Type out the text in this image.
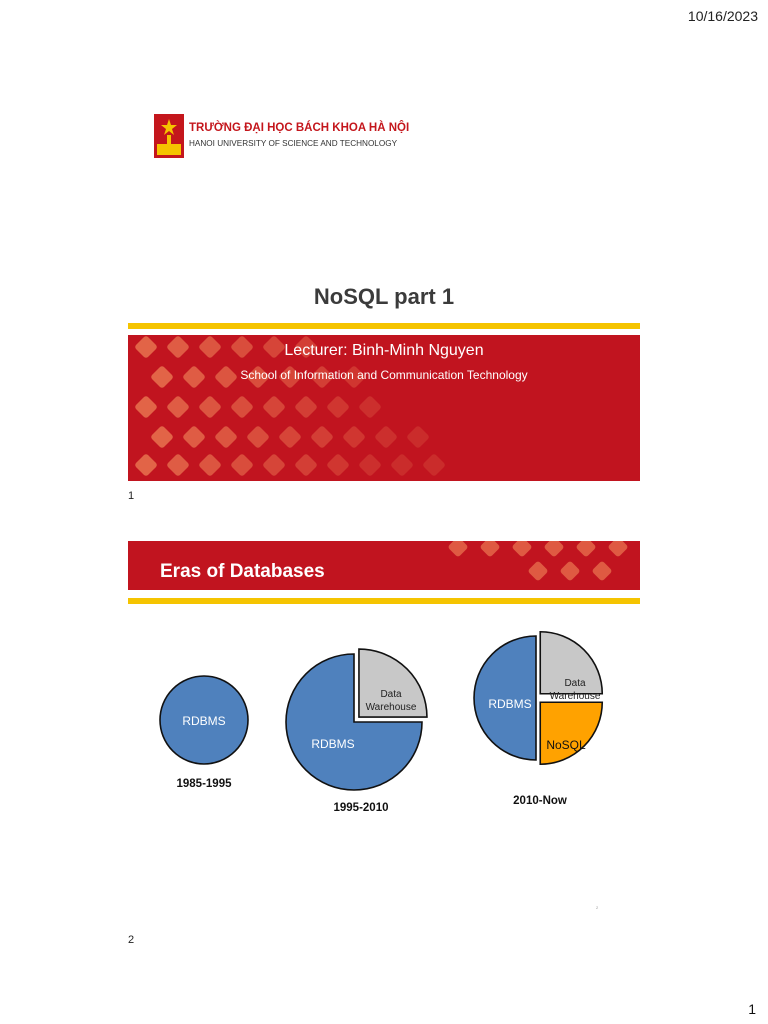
10/16/2023
1
TRƯỜNG ĐẠI HỌC BÁCH KHOA HÀ NỘI
HANOI UNIVERSITY OF SCIENCE AND TECHNOLOGY
NoSQL part 1
Lecturer: Binh-Minh Nguyen
School of Information and Communication Technology
1
Eras of Databases
RDBMS
1985-1995
RDBMS
Data Warehouse
1995-2010
RDBMS
Data Warehouse
NoSQL
2010-Now
2
2
